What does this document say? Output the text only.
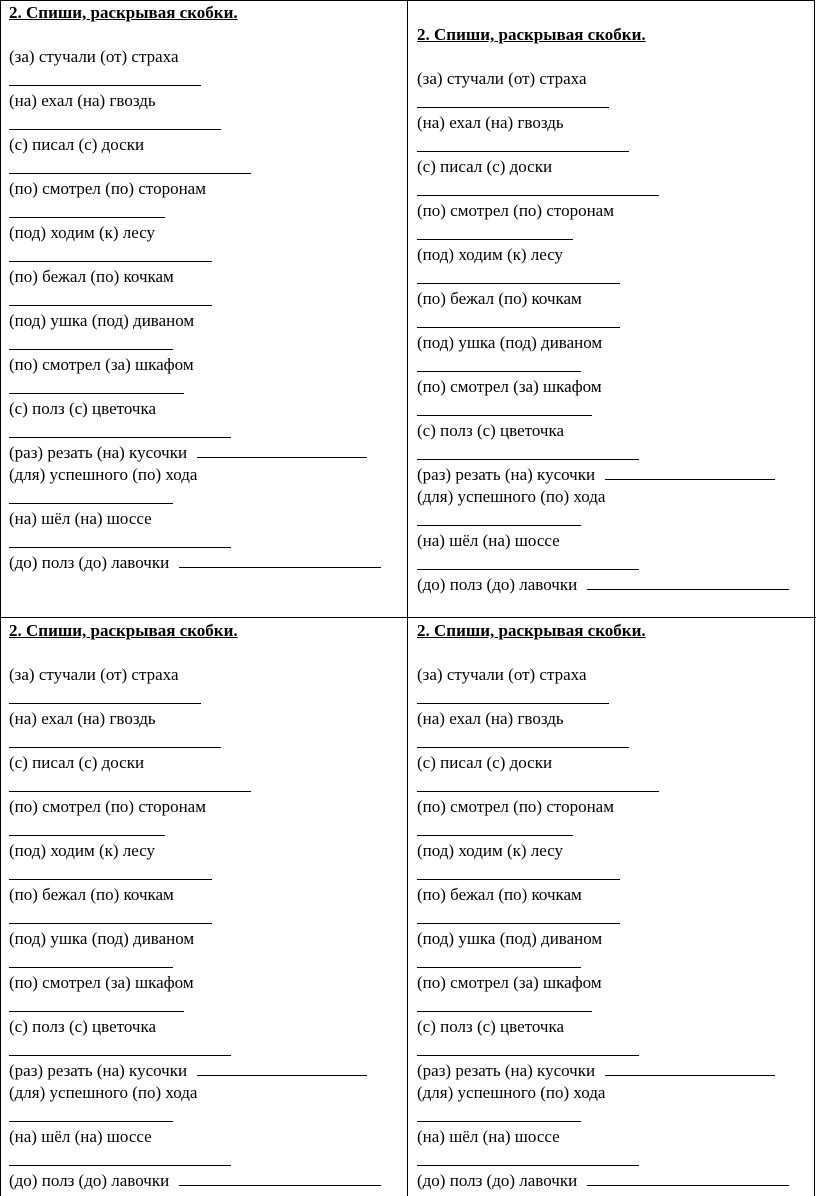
2. Спиши, раскрывая скобки.
(за) стучали (от) страха
(на) ехал (на) гвоздь
(с) писал (с) доски
(по) смотрел (по) сторонам
(под) ходим (к) лесу
(по) бежал (по) кочкам
(под) ушка (под) диваном
(по) смотрел (за) шкафом
(с) полз (с) цветочка
(раз) резать (на) кусочки
(для) успешного (по) хода
(на) шёл (на) шоссе
(до) полз (до) лавочки
2. Спиши, раскрывая скобки.
(за) стучали (от) страха
(на) ехал (на) гвоздь
(с) писал (с) доски
(по) смотрел (по) сторонам
(под) ходим (к) лесу
(по) бежал (по) кочкам
(под) ушка (под) диваном
(по) смотрел (за) шкафом
(с) полз (с) цветочка
(раз) резать (на) кусочки
(для) успешного (по) хода
(на) шёл (на) шоссе
(до) полз (до) лавочки
2. Спиши, раскрывая скобки.
(за) стучали (от) страха
(на) ехал (на) гвоздь
(с) писал (с) доски
(по) смотрел (по) сторонам
(под) ходим (к) лесу
(по) бежал (по) кочкам
(под) ушка (под) диваном
(по) смотрел (за) шкафом
(с) полз (с) цветочка
(раз) резать (на) кусочки
(для) успешного (по) хода
(на) шёл (на) шоссе
(до) полз (до) лавочки
2. Спиши, раскрывая скобки.
(за) стучали (от) страха
(на) ехал (на) гвоздь
(с) писал (с) доски
(по) смотрел (по) сторонам
(под) ходим (к) лесу
(по) бежал (по) кочкам
(под) ушка (под) диваном
(по) смотрел (за) шкафом
(с) полз (с) цветочка
(раз) резать (на) кусочки
(для) успешного (по) хода
(на) шёл (на) шоссе
(до) полз (до) лавочки
